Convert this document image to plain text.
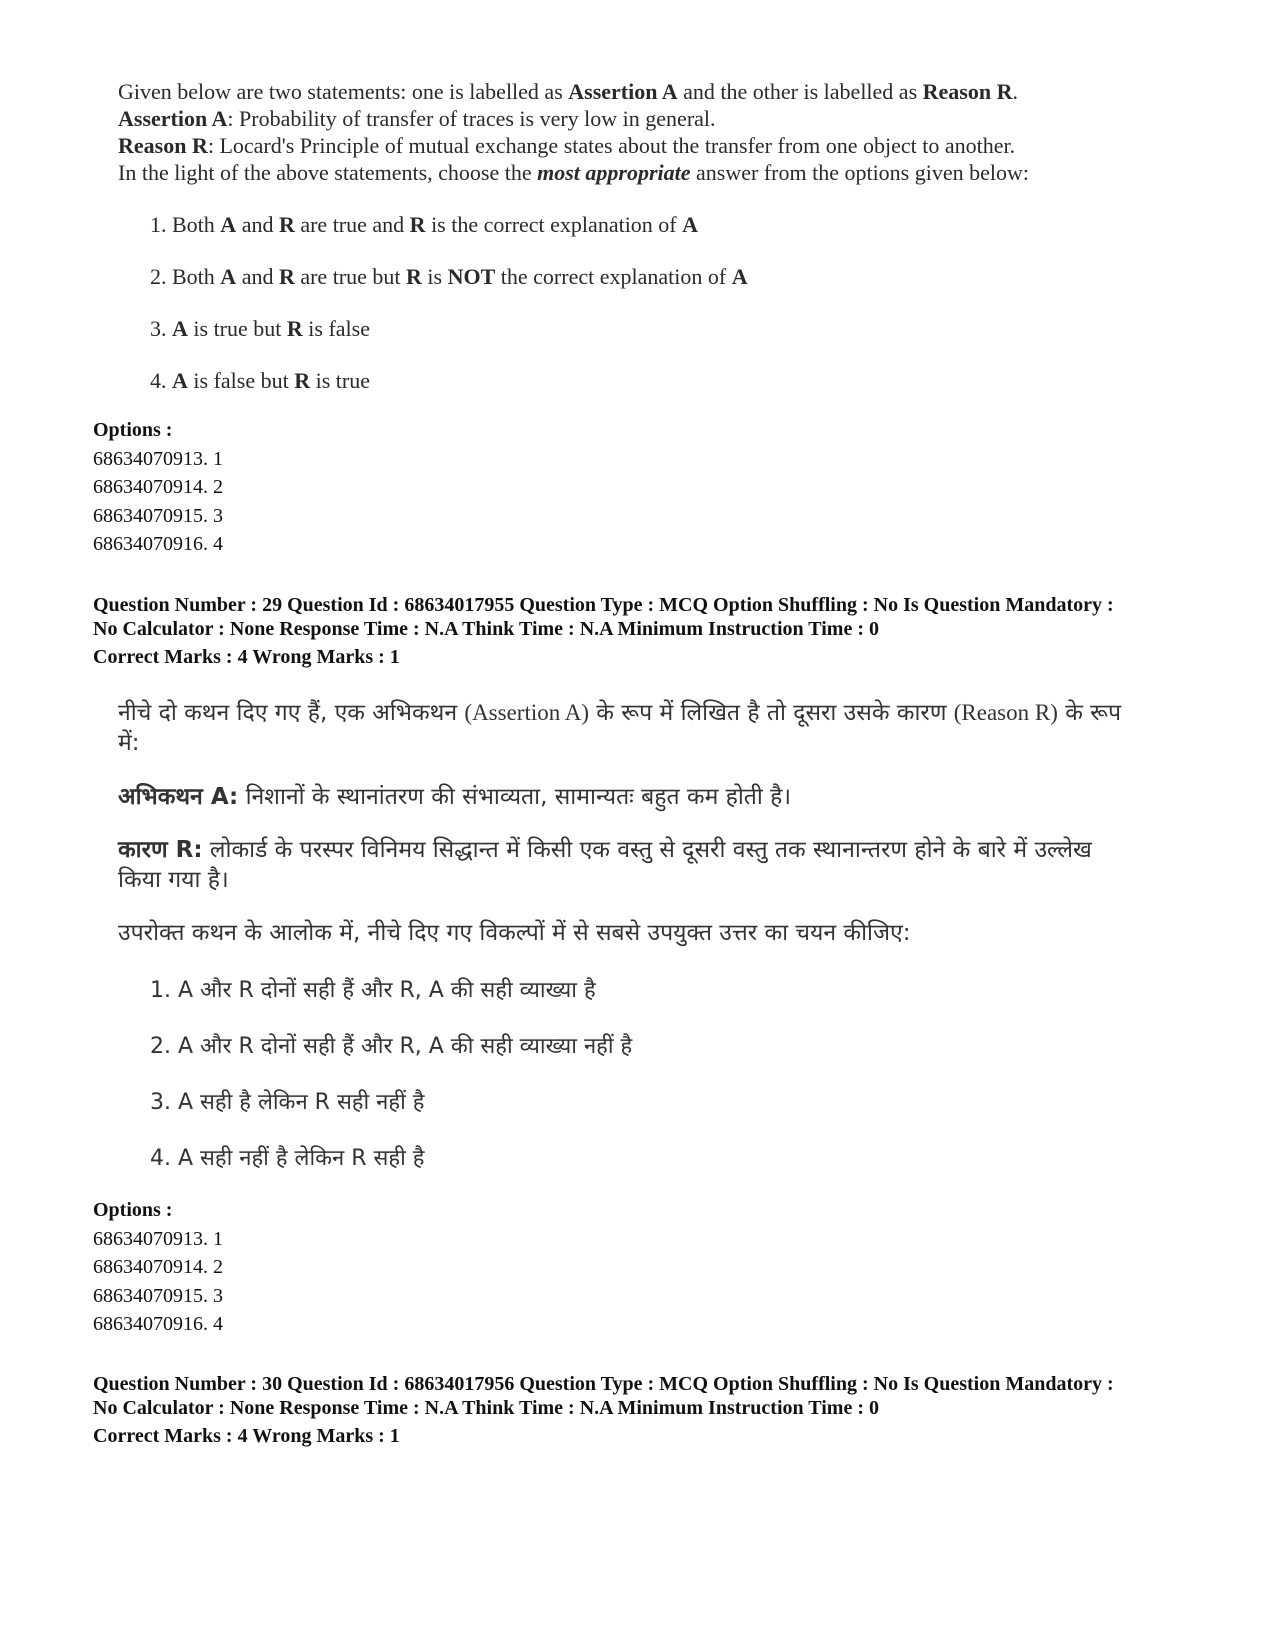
Given below are two statements: one is labelled as Assertion A and the other is labelled as Reason R.

Assertion A: Probability of transfer of traces is very low in general.

Reason R: Locard's Principle of mutual exchange states about the transfer from one object to another.

In the light of the above statements, choose the most appropriate answer from the options given below:

1. Both A and R are true and R is the correct explanation of A
2. Both A and R are true but R is NOT the correct explanation of A
3. A is true but R is false
4. A is false but R is true
Options :
68634070913. 1
68634070914. 2
68634070915. 3
68634070916. 4
Question Number : 29 Question Id : 68634017955 Question Type : MCQ Option Shuffling : No Is Question Mandatory :
No Calculator : None Response Time : N.A Think Time : N.A Minimum Instruction Time : 0
Correct Marks : 4 Wrong Marks : 1

नीचे दो कथन दिए गए हैं, एक अभिकथन (Assertion A) के रूप में लिखित है तो दूसरा उसके कारण (Reason R) के रूप में:

अभिकथन A: निशानों के स्थानांतरण की संभाव्यता, सामान्यतः बहुत कम होती है।

कारण R: लोकार्ड के परस्पर विनिमय सिद्धान्त में किसी एक वस्तु से दूसरी वस्तु तक स्थानान्तरण होने के बारे में उल्लेख किया गया है।

उपरोक्त कथन के आलोक में, नीचे दिए गए विकल्पों में से सबसे उपयुक्त उत्तर का चयन कीजिए:

1. A और R दोनों सही हैं और R, A की सही व्याख्या है
2. A और R दोनों सही हैं और R, A की सही व्याख्या नहीं है
3. A सही है लेकिन R सही नहीं है
4. A सही नहीं है लेकिन R सही है
Options :
68634070913. 1
68634070914. 2
68634070915. 3
68634070916. 4
Question Number : 30 Question Id : 68634017956 Question Type : MCQ Option Shuffling : No Is Question Mandatory :
No Calculator : None Response Time : N.A Think Time : N.A Minimum Instruction Time : 0
Correct Marks : 4 Wrong Marks : 1
